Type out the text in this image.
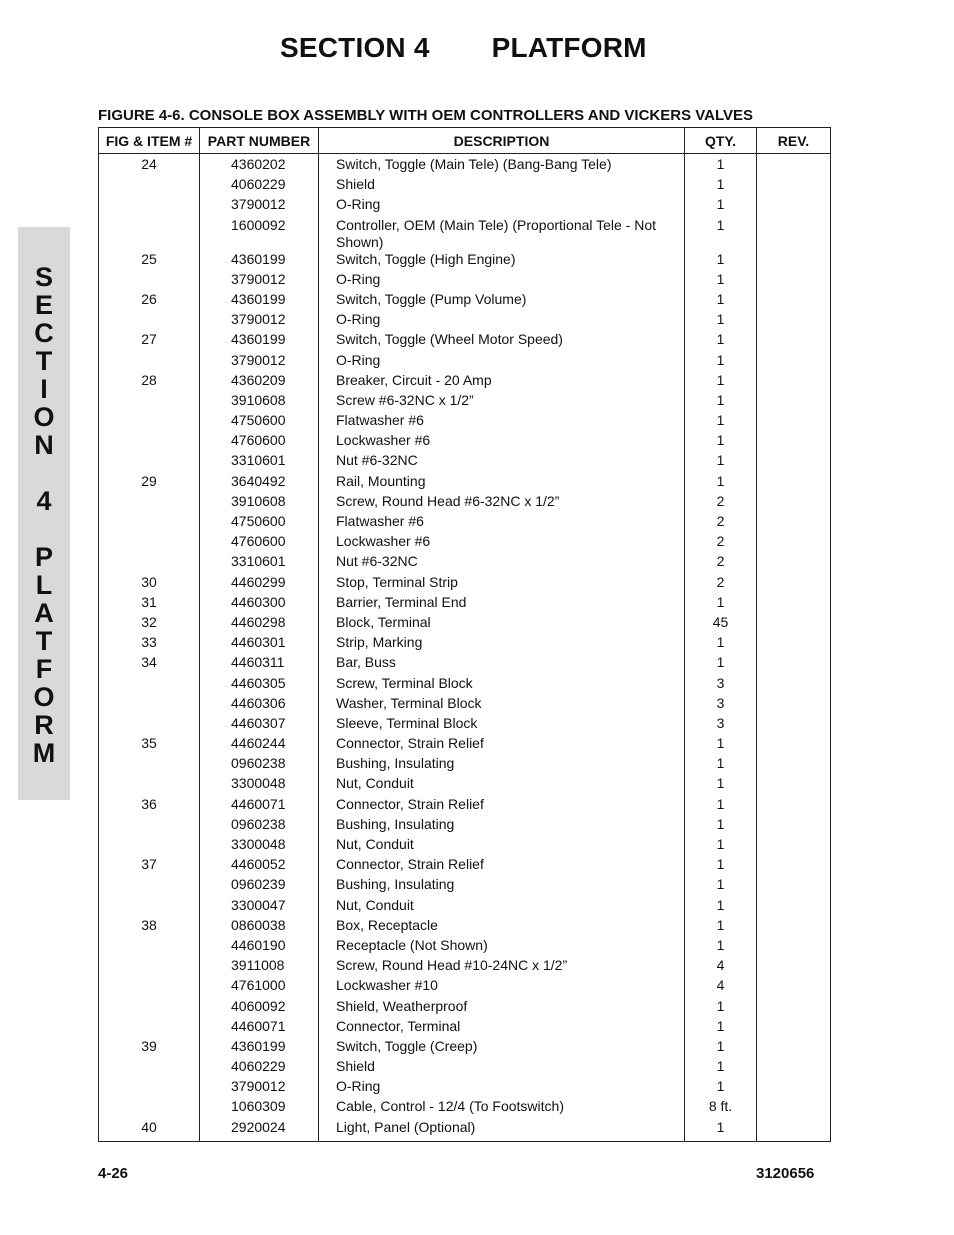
SECTION 4 PLATFORM
S
E
C
T
I
O
N
4
P
L
A
T
F
O
R
M
FIGURE 4-6. CONSOLE BOX ASSEMBLY WITH OEM CONTROLLERS AND VICKERS VALVES
FIG & ITEM #	PART NUMBER	DESCRIPTION	QTY.	REV.
24	4360202	Switch, Toggle (Main Tele) (Bang-Bang Tele)	1	
	4060229	Shield	1	
	3790012	O-Ring	1	
	1600092	Controller, OEM (Main Tele) (Proportional Tele - Not Shown)	1	
25	4360199	Switch, Toggle (High Engine)	1	
	3790012	O-Ring	1	
26	4360199	Switch, Toggle (Pump Volume)	1	
	3790012	O-Ring	1	
27	4360199	Switch, Toggle (Wheel Motor Speed)	1	
	3790012	O-Ring	1	
28	4360209	Breaker, Circuit - 20 Amp	1	
	3910608	Screw #6-32NC x 1/2”	1	
	4750600	Flatwasher #6	1	
	4760600	Lockwasher #6	1	
	3310601	Nut #6-32NC	1	
29	3640492	Rail, Mounting	1	
	3910608	Screw, Round Head #6-32NC x 1/2”	2	
	4750600	Flatwasher #6	2	
	4760600	Lockwasher #6	2	
	3310601	Nut #6-32NC	2	
30	4460299	Stop, Terminal Strip	2	
31	4460300	Barrier, Terminal End	1	
32	4460298	Block, Terminal	45	
33	4460301	Strip, Marking	1	
34	4460311	Bar, Buss	1	
	4460305	Screw, Terminal Block	3	
	4460306	Washer, Terminal Block	3	
	4460307	Sleeve, Terminal Block	3	
35	4460244	Connector, Strain Relief	1	
	0960238	Bushing, Insulating	1	
	3300048	Nut, Conduit	1	
36	4460071	Connector, Strain Relief	1	
	0960238	Bushing, Insulating	1	
	3300048	Nut, Conduit	1	
37	4460052	Connector, Strain Relief	1	
	0960239	Bushing, Insulating	1	
	3300047	Nut, Conduit	1	
38	0860038	Box, Receptacle	1	
	4460190	Receptacle (Not Shown)	1	
	3911008	Screw, Round Head #10-24NC x 1/2”	4	
	4761000	Lockwasher #10	4	
	4060092	Shield, Weatherproof	1	
	4460071	Connector, Terminal	1	
39	4360199	Switch, Toggle (Creep)	1	
	4060229	Shield	1	
	3790012	O-Ring	1	
	1060309	Cable, Control - 12/4 (To Footswitch)	8 ft.	
40	2920024	Light, Panel (Optional)	1	
4-26	3120656
